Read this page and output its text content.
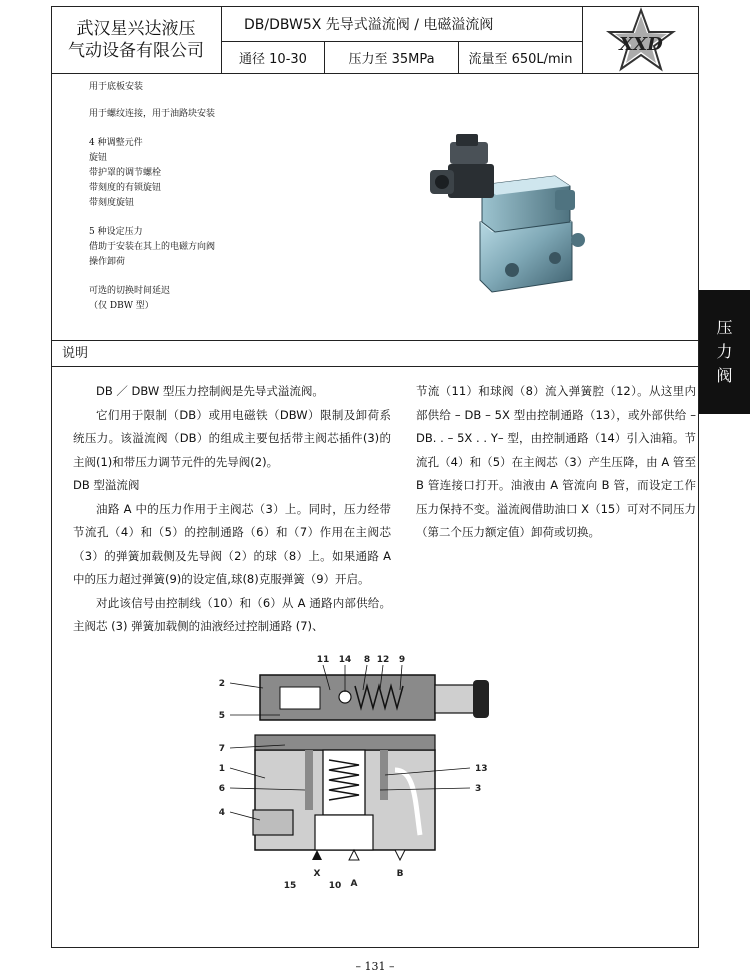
武汉星兴达液压
气动设备有限公司
DB/DBW5X 先导式溢流阀 / 电磁溢流阀
通径 10-30	压力至 35MPa	流量至 650L/min
XXD
用于底板安装
用于螺纹连接，用于油路块安装
4 种调整元件
旋钮
带护罩的调节螺栓
带刻度的有锁旋钮
带刻度旋钮
5 种设定压力
借助于安装在其上的电磁方向阀
操作卸荷
可选的切换时间延迟
（仅 DBW 型）
压
力
阀
说明

DB ／ DBW 型压力控制阀是先导式溢流阀。

它们用于限制（DB）或用电磁铁（DBW）限制及卸荷系统压力。该溢流阀（DB）的组成主要包括带主阀芯插件(3)的主阀(1)和带压力调节元件的先导阀(2)。

DB 型溢流阀

油路 A 中的压力作用于主阀芯（3）上。同时，压力经带节流孔（4）和（5）的控制通路（6）和（7）作用在主阀芯（3）的弹簧加载侧及先导阀（2）的球（8）上。如果通路 A 中的压力超过弹簧(9)的设定值,球(8)克服弹簧（9）开启。

对此该信号由控制线（10）和（6）从 A 通路内部供给。主阀芯 (3) 弹簧加载侧的油液经过控制通路 (7)、

节流（11）和球阀（8）流入弹簧腔（12）。从这里内部供给 – DB – 5X 型由控制通路（13），或外部供给 – DB. . – 5X . . Y– 型，由控制通路（14）引入油箱。节流孔（4）和（5）在主阀芯（3）产生压降，由 A 管至 B 管连接口打开。油液由 A 管流向 B 管，而设定工作压力保持不变。溢流阀借助油口 X（15）可对不同压力（第二个压力额定值）卸荷或切换。

11 14 8 12 9
2
5
7
1
6
4
13
3
15
X
10 A
B
– 131 –
